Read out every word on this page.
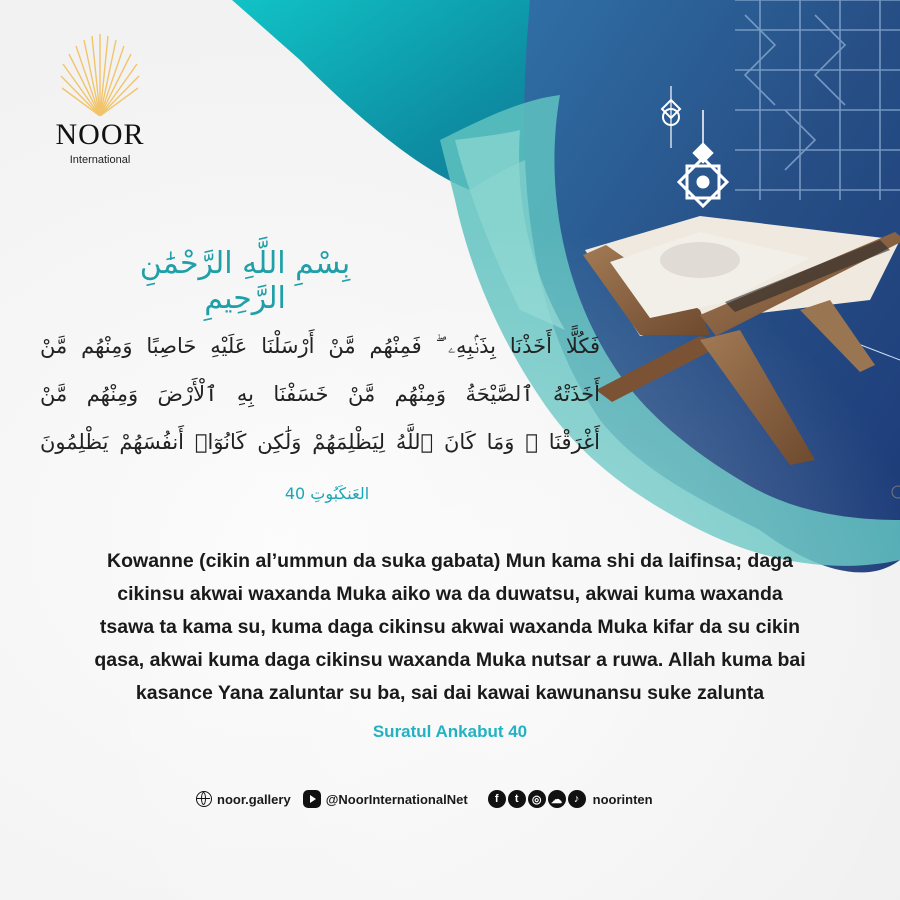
NOOR
International
بِسْمِ اللَّهِ الرَّحْمَٰنِ الرَّحِيمِ
فَكُلًّا أَخَذْنَا بِذَنۢبِهِۦ ۖ فَمِنْهُم مَّنْ أَرْسَلْنَا عَلَيْهِ حَاصِبًا وَمِنْهُم مَّنْ
أَخَذَتْهُ ٱلصَّيْحَةُ وَمِنْهُم مَّنْ خَسَفْنَا بِهِ ٱلْأَرْضَ وَمِنْهُم مَّنْ
أَغْرَقْنَا ۚ وَمَا كَانَ ٱللَّهُ لِيَظْلِمَهُمْ وَلَٰكِن كَانُوٓا۟ أَنفُسَهُمْ يَظْلِمُونَ
العَنكَبُوتِ 40
Kowanne (cikin al’ummun da suka gabata) Mun kama shi da laifinsa; daga
cikinsu akwai waxanda Muka aiko wa da duwatsu, akwai kuma waxanda
tsawa ta kama su, kuma daga cikinsu akwai waxanda Muka kifar da su cikin
qasa, akwai kuma daga cikinsu waxanda Muka nutsar a ruwa. Allah kuma bai
kasance Yana zaluntar su ba, sai dai kawai kawunansu suke zalunta
Suratul Ankabut 40
noor.gallery	@NoorInternationalNet	f	t	◎ ☁	♪	noorinten
